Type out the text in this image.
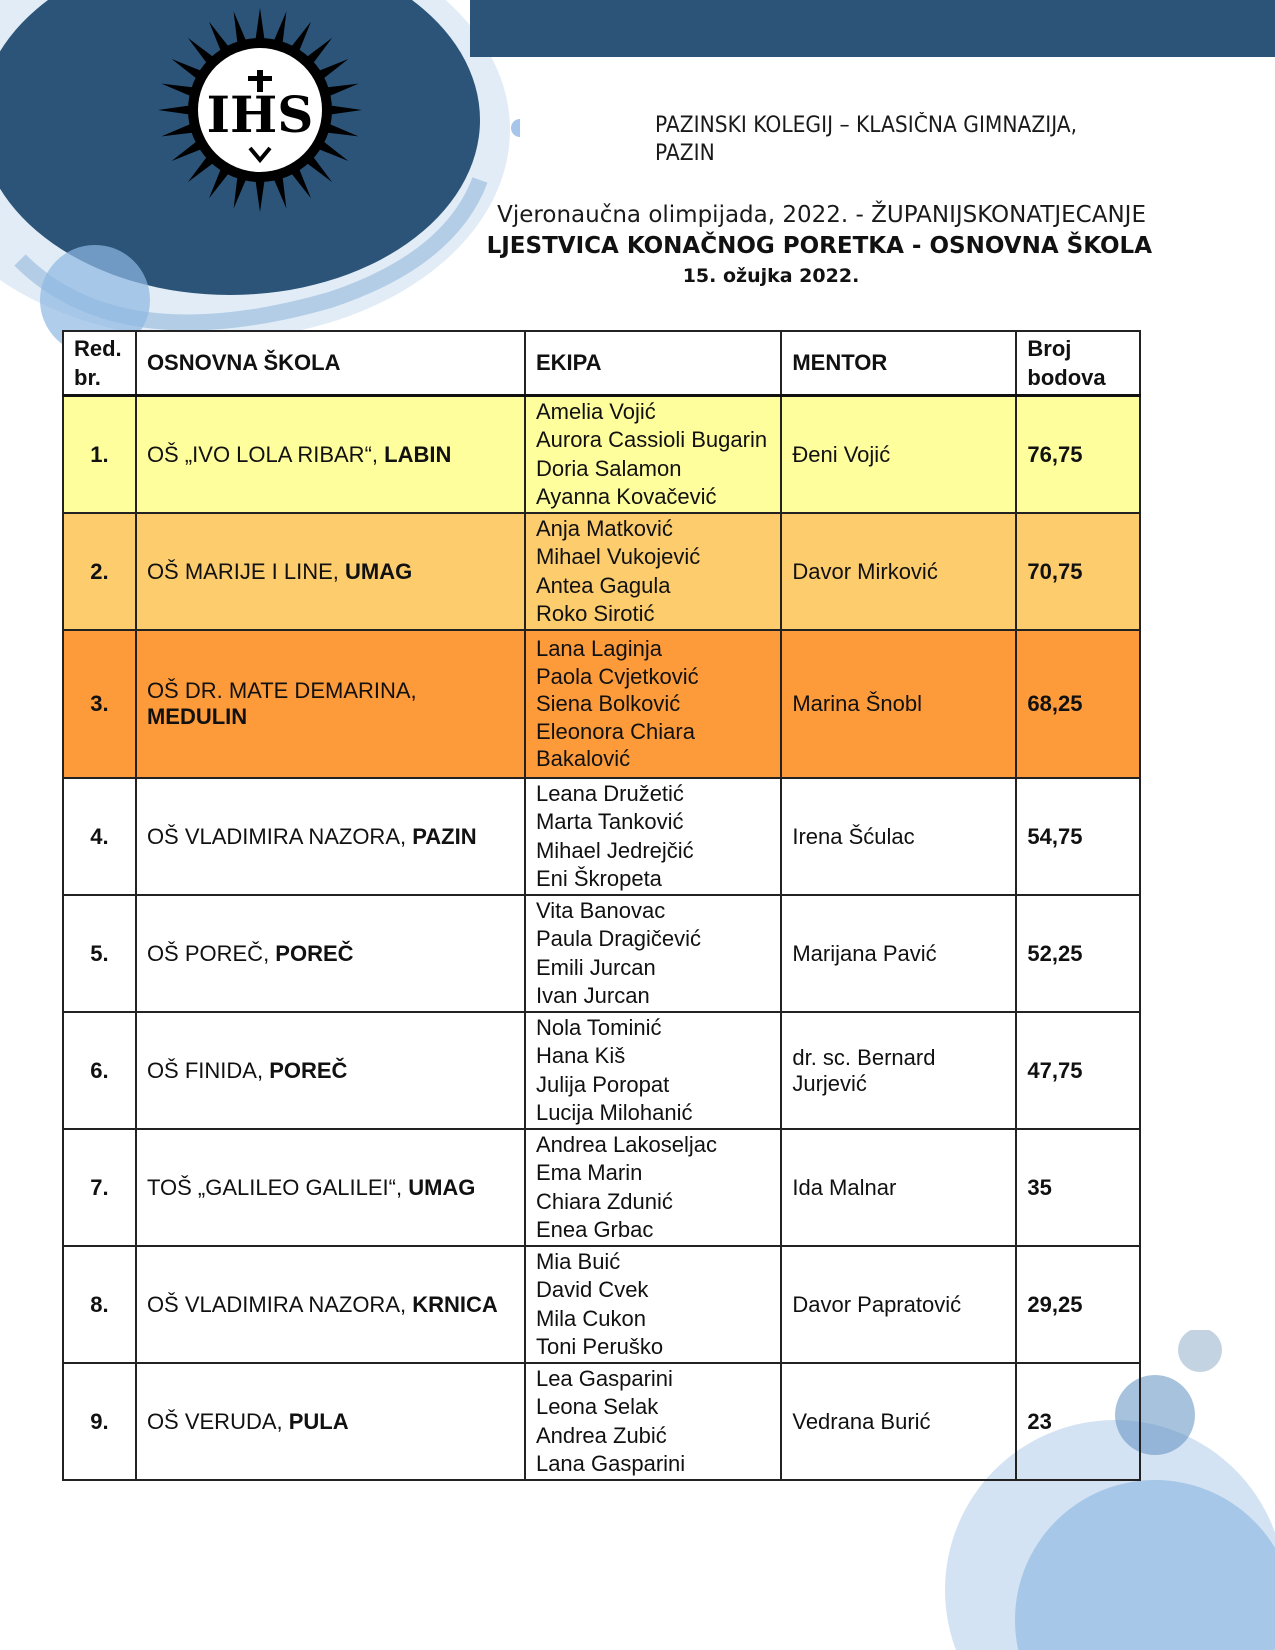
IHS	PAZINSKI KOLEGIJ – KLASIČNA GIMNAZIJA,
PAZIN
Vjeronaučna olimpijada, 2022. - ŽUPANIJSKONATJECANJE
LJESTVICA KONAČNOG PORETKA - OSNOVNA ŠKOLA
15. ožujka 2022.
Red.
br.	OSNOVNA ŠKOLA	EKIPA	MENTOR	Broj
bodova
1.	OŠ „IVO LOLA RIBAR“, LABIN	Amelia Vojić
Aurora Cassioli Bugarin
Doria Salamon
Ayanna Kovačević	Đeni Vojić	76,75
2.	OŠ MARIJE I LINE, UMAG	Anja Matković
Mihael Vukojević
Antea Gagula
Roko Sirotić	Davor Mirković	70,75
3.	OŠ DR. MATE DEMARINA, MEDULIN	Lana Laginja
Paola Cvjetković
Siena Bolković
Eleonora Chiara
Bakalović	Marina Šnobl	68,25
4.	OŠ VLADIMIRA NAZORA, PAZIN	Leana Družetić
Marta Tanković
Mihael Jedrejčić
Eni Škropeta	Irena Šćulac	54,75
5.	OŠ POREČ, POREČ	Vita Banovac
Paula Dragičević
Emili Jurcan
Ivan Jurcan	Marijana Pavić	52,25
6.	OŠ FINIDA, POREČ	Nola Tominić
Hana Kiš
Julija Poropat
Lucija Milohanić	dr. sc. Bernard Jurjević	47,75
7.	TOŠ „GALILEO GALILEI“, UMAG	Andrea Lakoseljac
Ema Marin
Chiara Zdunić
Enea Grbac	Ida Malnar	35
8.	OŠ VLADIMIRA NAZORA, KRNICA	Mia Buić
David Cvek
Mila Cukon
Toni Peruško	Davor Papratović	29,25
9.	OŠ VERUDA, PULA	Lea Gasparini
Leona Selak
Andrea Zubić
Lana Gasparini	Vedrana Burić	23
